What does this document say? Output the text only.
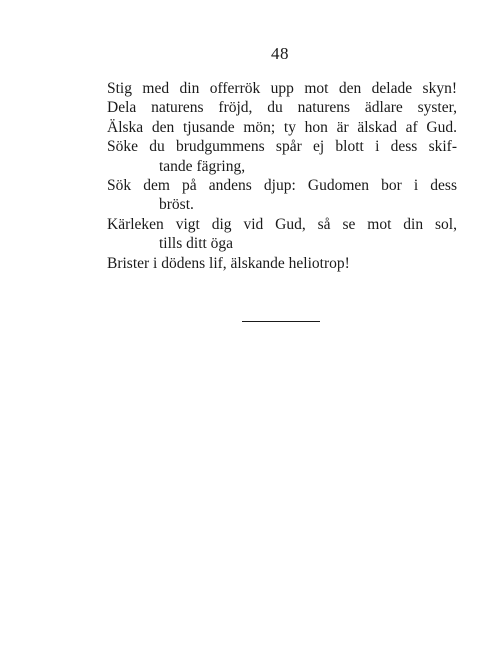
48
Stig med din offerrök upp mot den delade skyn!
Dela naturens fröjd, du naturens ädlare syster,
Älska den tjusande mön; ty hon är älskad af Gud.
Söke du brudgummens spår ej blott i dess skif-
tande fägring,
Sök dem på andens djup: Gudomen bor i dess
bröst.
Kärleken vigt dig vid Gud, så se mot din sol,
tills ditt öga
Brister i dödens lif, älskande heliotrop!
